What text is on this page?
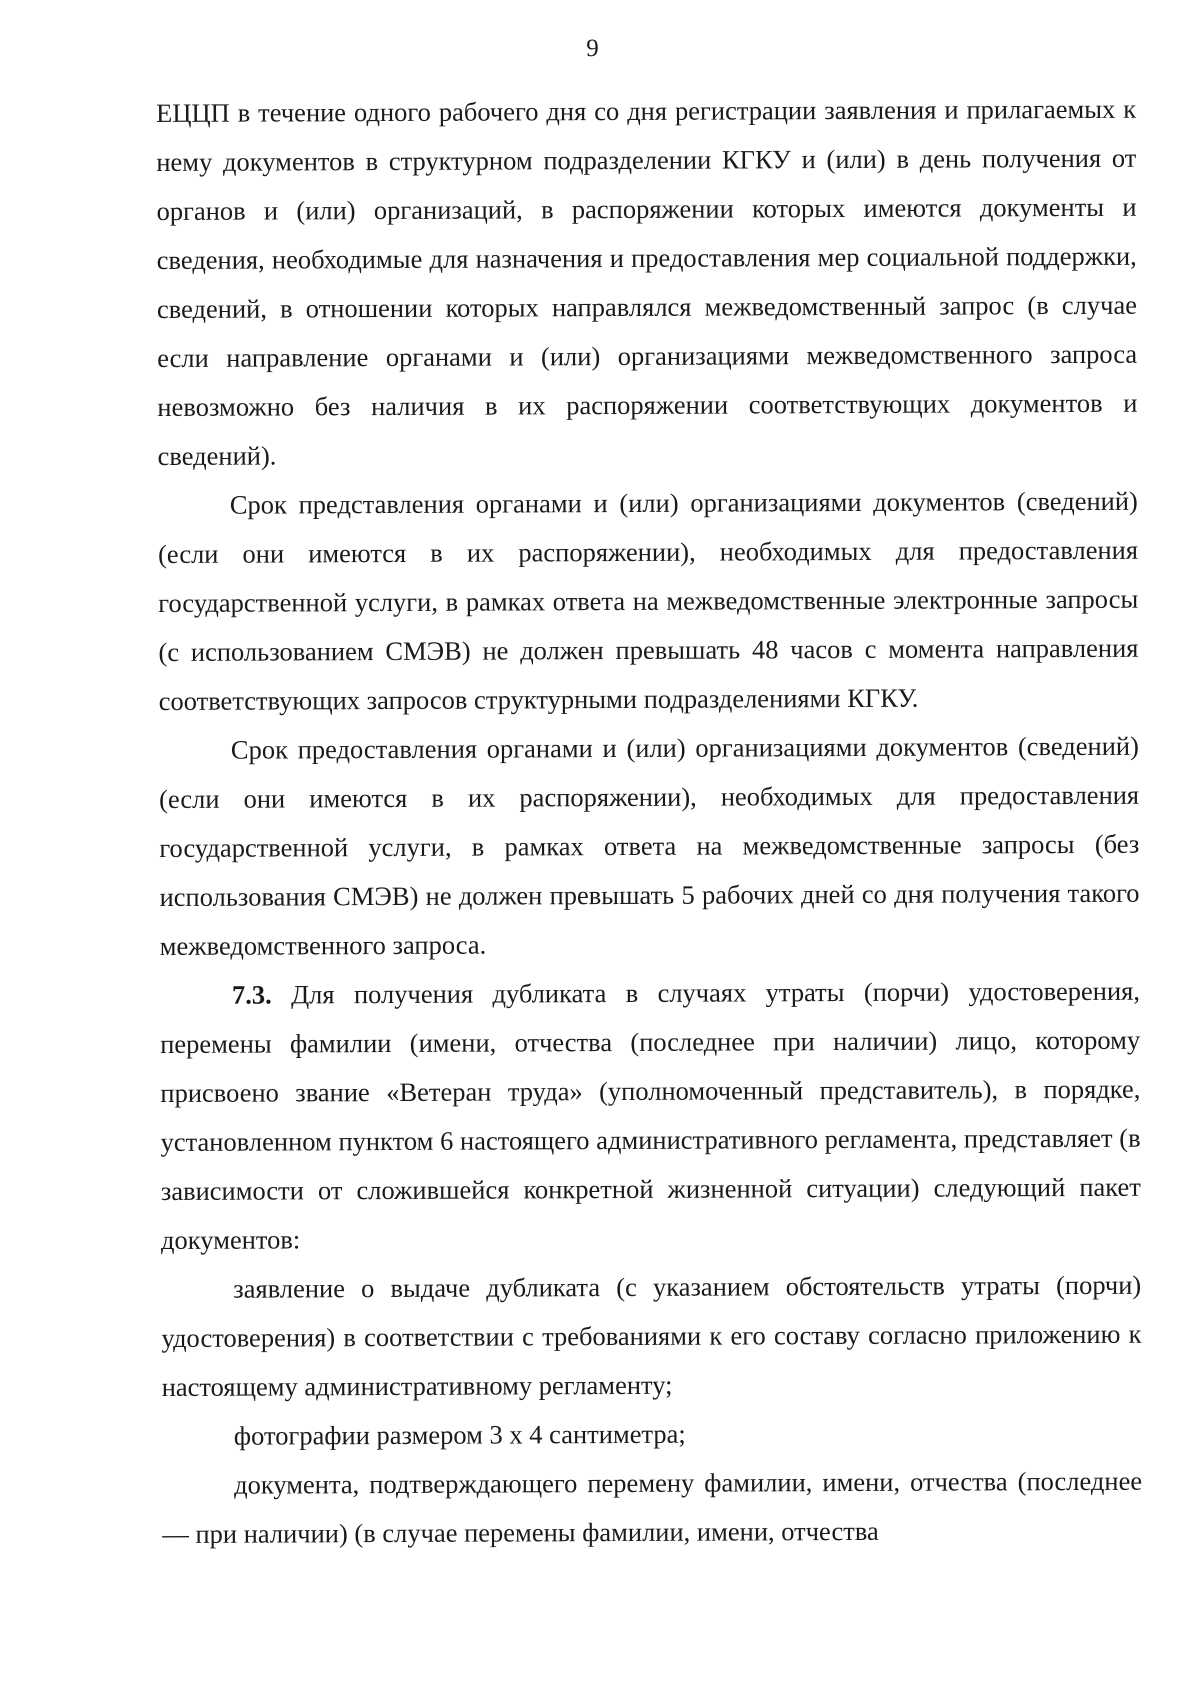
9

ЕЦЦП в течение одного рабочего дня со дня регистрации заявления и прилагаемых к нему документов в структурном подразделении КГКУ и (или) в день получения от органов и (или) организаций, в распоряжении которых имеются документы и сведения, необходимые для назначения и предоставления мер социальной поддержки, сведений, в отношении которых направлялся межведомственный запрос (в случае если направление органами и (или) организациями межведомственного запроса невозможно без наличия в их распоряжении соответствующих документов и сведений).

Срок представления органами и (или) организациями документов (сведений) (если они имеются в их распоряжении), необходимых для предоставления государственной услуги, в рамках ответа на межведомственные электронные запросы (с использованием СМЭВ) не должен превышать 48 часов с момента направления соответствующих запросов структурными подразделениями КГКУ.

Срок предоставления органами и (или) организациями документов (сведений) (если они имеются в их распоряжении), необходимых для предоставления государственной услуги, в рамках ответа на межведомственные запросы (без использования СМЭВ) не должен превышать 5 рабочих дней со дня получения такого межведомственного запроса.

7.3. Для получения дубликата в случаях утраты (порчи) удостоверения, перемены фамилии (имени, отчества (последнее при наличии) лицо, которому присвоено звание «Ветеран труда» (уполномоченный представитель), в порядке, установленном пунктом 6 настоящего административного регламента, представляет (в зависимости от сложившейся конкретной жизненной ситуации) следующий пакет документов:

заявление о выдаче дубликата (с указанием обстоятельств утраты (порчи) удостоверения) в соответствии с требованиями к его составу согласно приложению к настоящему административному регламенту;

фотографии размером 3 х 4 сантиметра;

документа, подтверждающего перемену фамилии, имени, отчества (последнее — при наличии) (в случае перемены фамилии, имени, отчества
